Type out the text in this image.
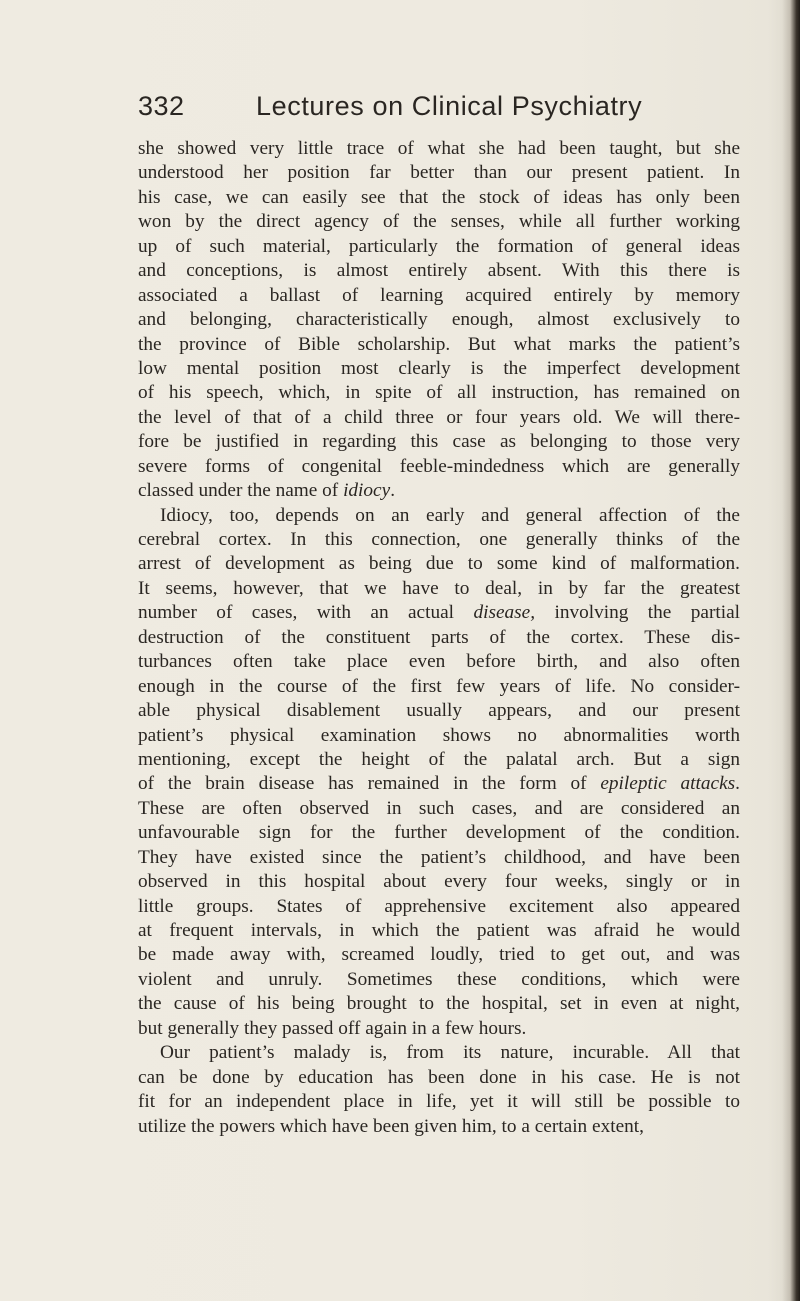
332	Lectures on Clinical Psychiatry
she showed very little trace of what she had been taught, but she
understood her position far better than our present patient. In
his case, we can easily see that the stock of ideas has only been
won by the direct agency of the senses, while all further working
up of such material, particularly the formation of general ideas
and conceptions, is almost entirely absent. With this there is
associated a ballast of learning acquired entirely by memory
and belonging, characteristically enough, almost exclusively to
the province of Bible scholarship. But what marks the patient’s
low mental position most clearly is the imperfect development
of his speech, which, in spite of all instruction, has remained on
the level of that of a child three or four years old. We will there-
fore be justified in regarding this case as belonging to those very
severe forms of congenital feeble-mindedness which are generally
classed under the name of idiocy.
Idiocy, too, depends on an early and general affection of the
cerebral cortex. In this connection, one generally thinks of the
arrest of development as being due to some kind of malformation.
It seems, however, that we have to deal, in by far the greatest
number of cases, with an actual disease, involving the partial
destruction of the constituent parts of the cortex. These dis-
turbances often take place even before birth, and also often
enough in the course of the first few years of life. No consider-
able physical disablement usually appears, and our present
patient’s physical examination shows no abnormalities worth
mentioning, except the height of the palatal arch. But a sign
of the brain disease has remained in the form of epileptic attacks.
These are often observed in such cases, and are considered an
unfavourable sign for the further development of the condition.
They have existed since the patient’s childhood, and have been
observed in this hospital about every four weeks, singly or in
little groups. States of apprehensive excitement also appeared
at frequent intervals, in which the patient was afraid he would
be made away with, screamed loudly, tried to get out, and was
violent and unruly. Sometimes these conditions, which were
the cause of his being brought to the hospital, set in even at night,
but generally they passed off again in a few hours.
Our patient’s malady is, from its nature, incurable. All that
can be done by education has been done in his case. He is not
fit for an independent place in life, yet it will still be possible to
utilize the powers which have been given him, to a certain extent,
